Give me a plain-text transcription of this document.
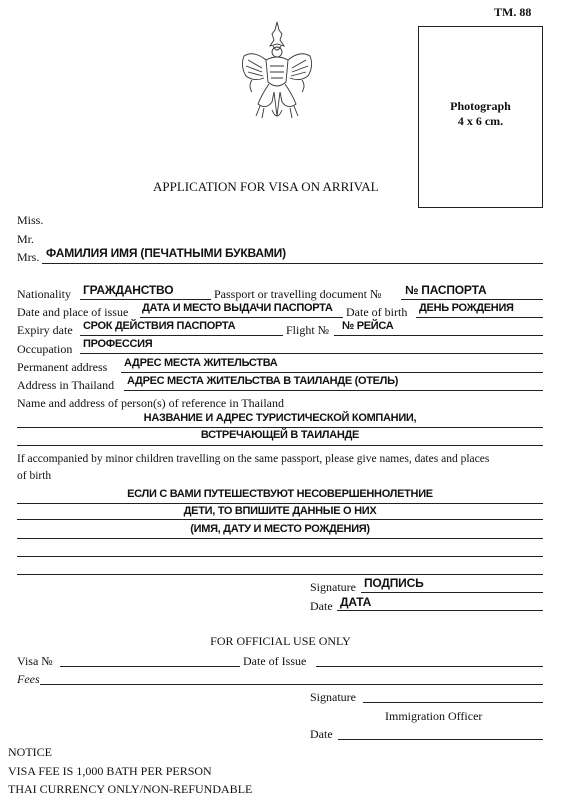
TM. 88
Photograph
4 x 6 cm.
APPLICATION FOR VISA ON ARRIVAL
Miss.
Mr.
Mrs. ФАМИЛИЯ ИМЯ (ПЕЧАТНЫМИ БУКВАМИ)
Nationality ГРАЖДАНСТВО	Passport or travelling document № № ПАСПОРТА
Date and place of issue ДАТА И МЕСТО ВЫДАЧИ ПАСПОРТА Date of birth ДЕНЬ РОЖДЕНИЯ
Expiry date СРОК ДЕЙСТВИЯ ПАСПОРТА	Flight № № РЕЙСА
Occupation ПРОФЕССИЯ
Permanent address АДРЕС МЕСТА ЖИТЕЛЬСТВА
Address in Thailand АДРЕС МЕСТА ЖИТЕЛЬСТВА В ТАИЛАНДЕ (ОТЕЛЬ)
Name and address of person(s) of reference in Thailand
НАЗВАНИЕ И АДРЕС ТУРИСТИЧЕСКОЙ КОМПАНИИ,
ВСТРЕЧАЮЩЕЙ В ТАИЛАНДЕ
If accompanied by minor children travelling on the same passport, please give names, dates and places
of birth
ЕСЛИ С ВАМИ ПУТЕШЕСТВУЮТ НЕСОВЕРШЕННОЛЕТНИЕ
ДЕТИ, ТО ВПИШИТЕ ДАННЫЕ О НИХ
(ИМЯ, ДАТУ И МЕСТО РОЖДЕНИЯ)
Signature ПОДПИСЬ
Date ДАТА
FOR OFFICIAL USE ONLY
Visa №	Date of Issue
Fees
Signature
Immigration Officer
Date
NOTICE
VISA FEE IS 1,000 BATH PER PERSON
THAI CURRENCY ONLY/NON-REFUNDABLE
